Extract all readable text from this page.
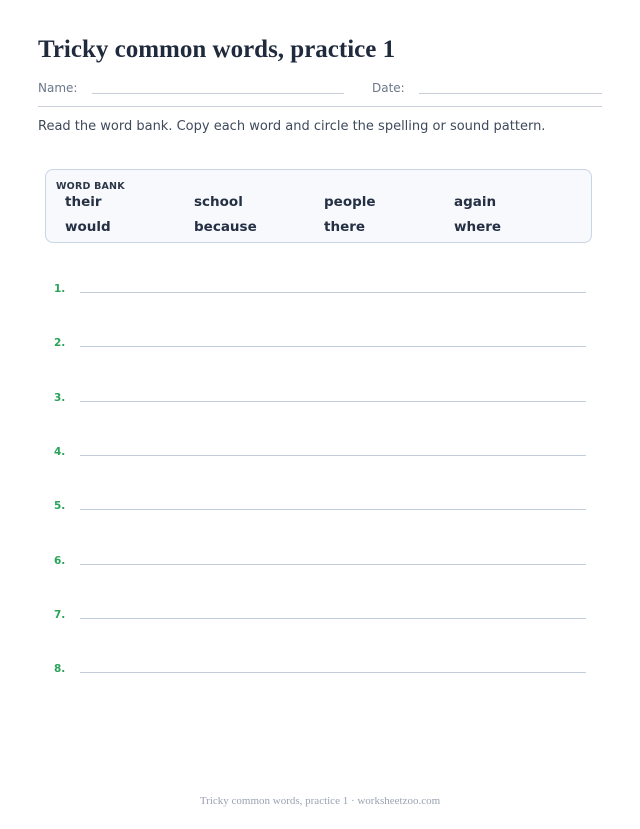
Tricky common words, practice 1
Name:	Date:
Read the word bank. Copy each word and circle the spelling or sound pattern.
WORD BANK
their	school	people	again
would	because	there	where
1.
2.
3.
4.
5.
6.
7.
8.
Tricky common words, practice 1 · worksheetzoo.com
